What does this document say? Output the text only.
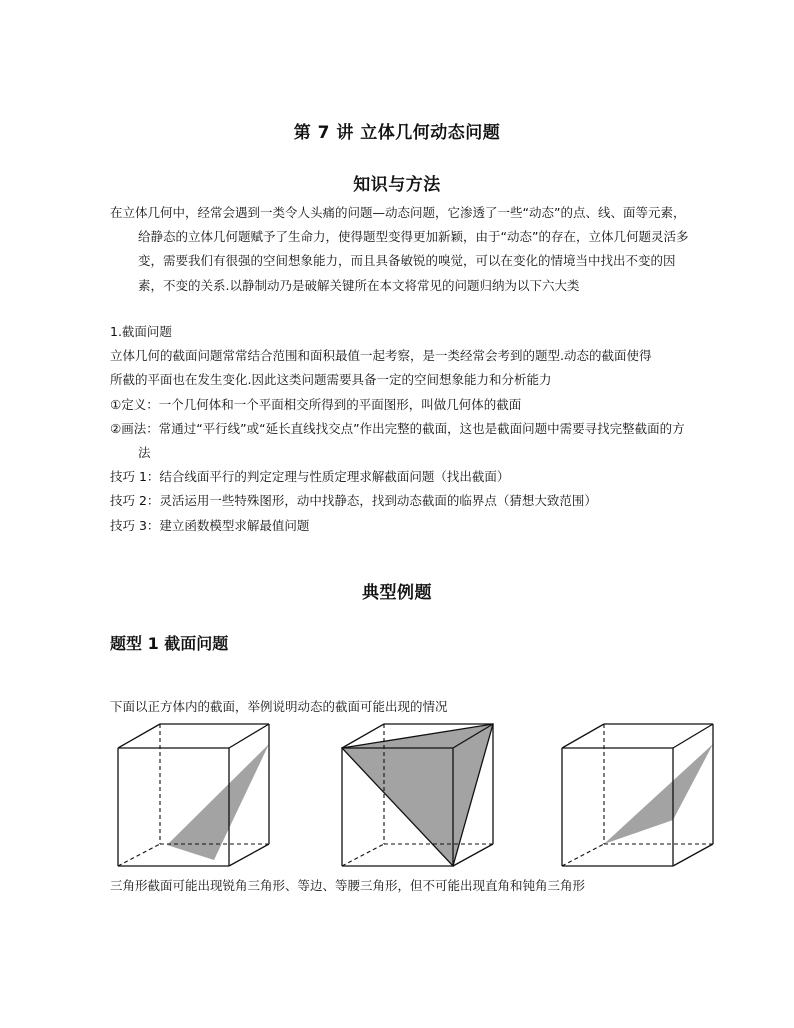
第 7 讲 立体几何动态问题
知识与方法

在立体几何中，经常会遇到一类令人头痛的问题—动态问题，它渗透了一些“动态”的点、线、面等元素，给静态的立体几何题赋予了生命力，使得题型变得更加新颖，由于“动态”的存在，立体几何题灵活多变，需要我们有很强的空间想象能力，而且具备敏锐的嗅觉，可以在变化的情境当中找出不变的因素，不变的关系.以静制动乃是破解关键所在本文将常见的问题归纳为以下六大类

1.截面问题

立体几何的截面问题常常结合范围和面积最值一起考察，是一类经常会考到的题型.动态的截面使得

所截的平面也在发生变化.因此这类问题需要具备一定的空间想象能力和分析能力

①定义：一个几何体和一个平面相交所得到的平面图形，叫做几何体的截面

②画法：常通过“平行线”或“延长直线找交点”作出完整的截面，这也是截面问题中需要寻找完整截面的方法

技巧 1：结合线面平行的判定定理与性质定理求解截面问题（找出截面）

技巧 2：灵活运用一些特殊图形，动中找静态，找到动态截面的临界点（猜想大致范围）

技巧 3：建立函数模型求解最值问题

典型例题
题型 1 截面问题
下面以正方体内的截面，举例说明动态的截面可能出现的情况
三角形截面可能出现锐角三角形、等边、等腰三角形，但不可能出现直角和钝角三角形
